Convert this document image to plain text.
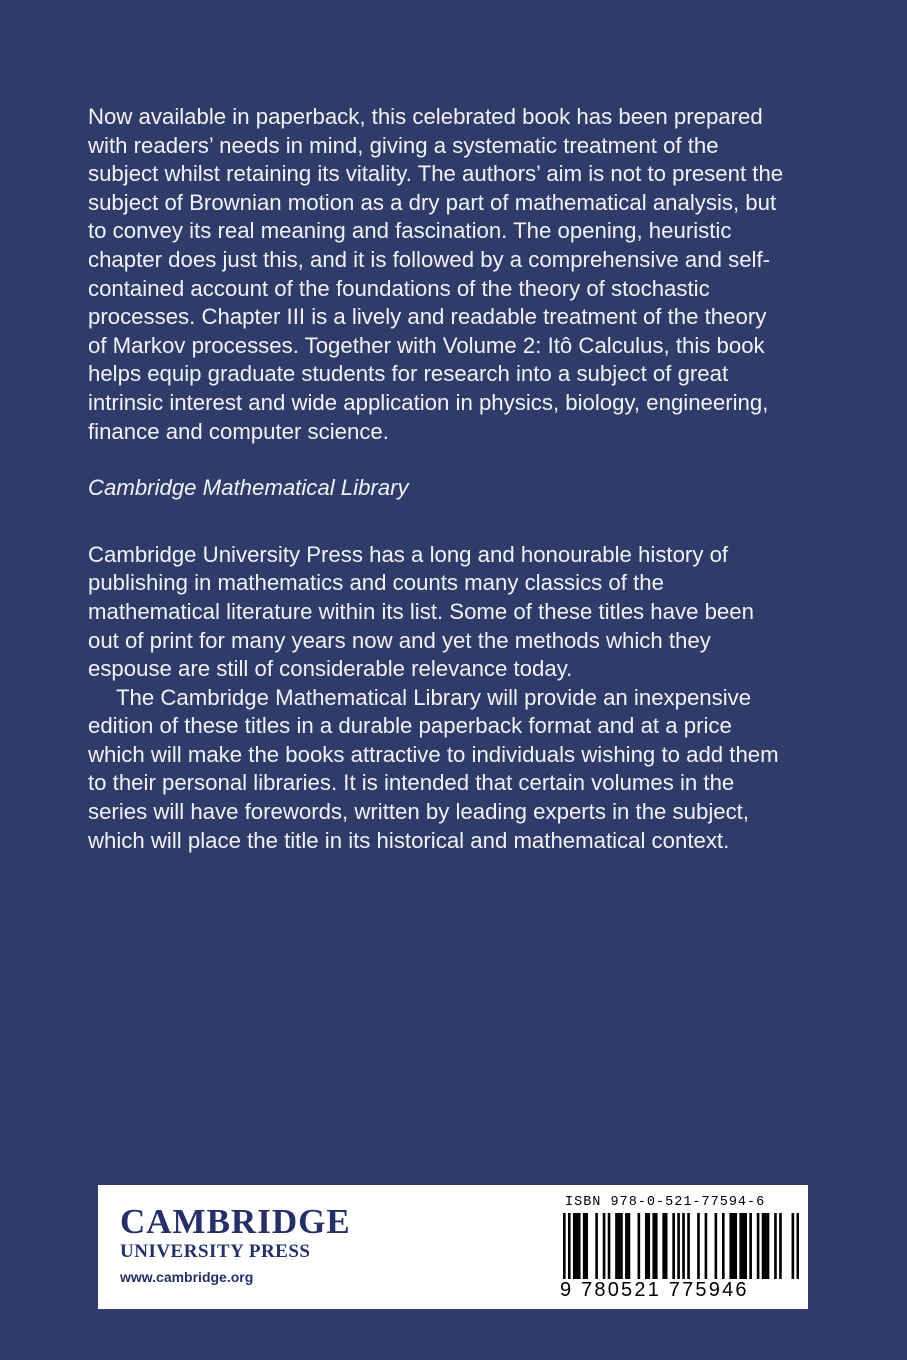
Now available in paperback, this celebrated book has been prepared with readers’ needs in mind, giving a systematic treatment of the subject whilst retaining its vitality. The authors’ aim is not to present the subject of Brownian motion as a dry part of mathematical analysis, but to convey its real meaning and fascination. The opening, heuristic chapter does just this, and it is followed by a comprehensive and self-contained account of the foundations of the theory of stochastic processes. Chapter III is a lively and readable treatment of the theory of Markov processes. Together with Volume 2: Itô Calculus, this book helps equip graduate students for research into a subject of great intrinsic interest and wide application in physics, biology, engineering, finance and computer science.

Cambridge Mathematical Library

Cambridge University Press has a long and honourable history of publishing in mathematics and counts many classics of the mathematical literature within its list. Some of these titles have been out of print for many years now and yet the methods which they espouse are still of considerable relevance today.

The Cambridge Mathematical Library will provide an inexpensive edition of these titles in a durable paperback format and at a price which will make the books attractive to individuals wishing to add them to their personal libraries. It is intended that certain volumes in the series will have forewords, written by leading experts in the subject, which will place the title in its historical and mathematical context.

CAMBRIDGE
UNIVERSITY PRESS
www.cambridge.org
ISBN 978-0-521-77594-6
9 780521 775946
